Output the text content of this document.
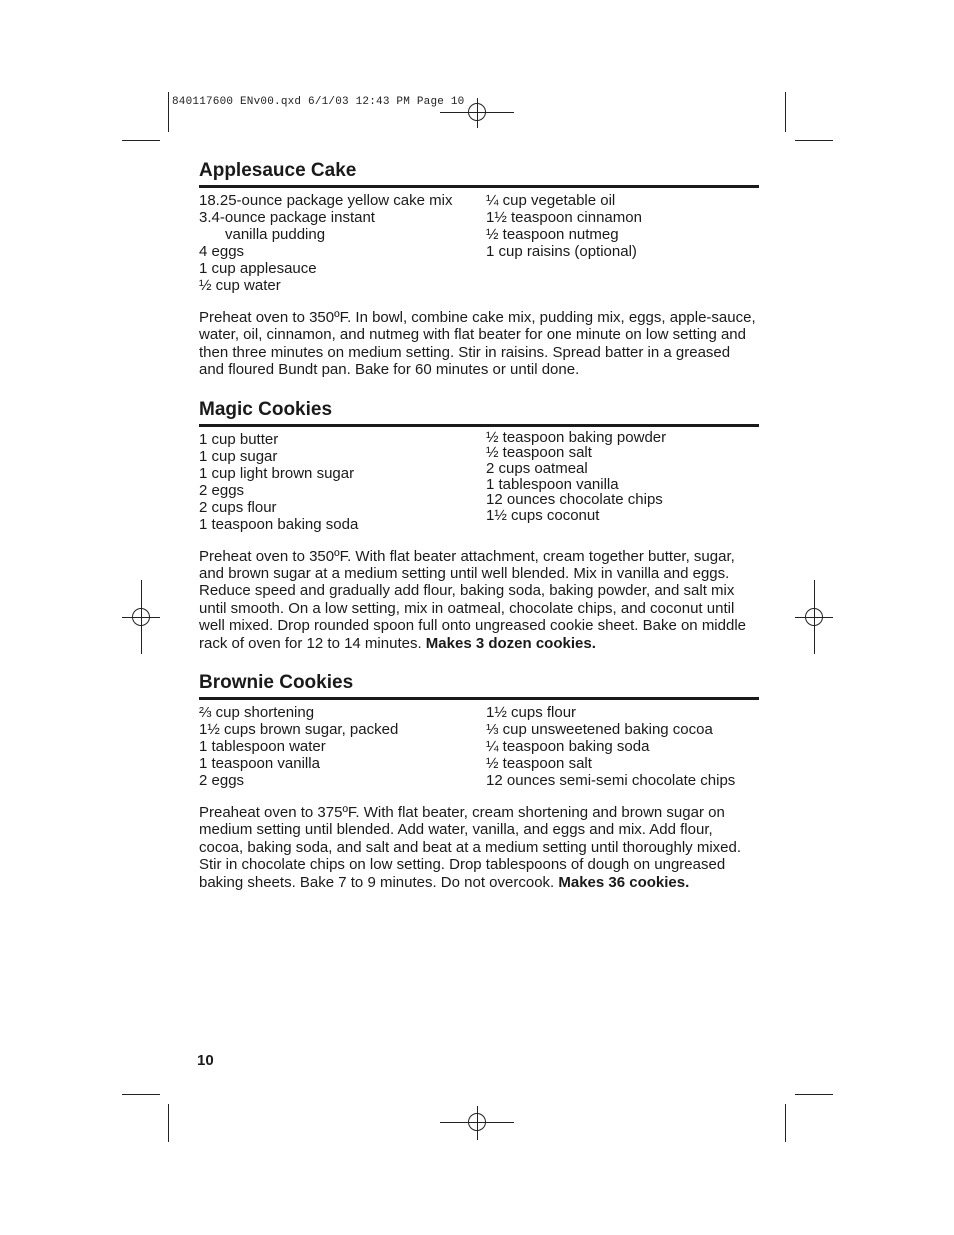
840117600 ENv00.qxd 6/1/03 12:43 PM Page 10
Applesauce Cake
18.25-ounce package yellow cake mix
3.4-ounce package instant
vanilla pudding
4 eggs
1 cup applesauce
½ cup water
¼ cup vegetable oil
1½ teaspoon cinnamon
½ teaspoon nutmeg
1 cup raisins (optional)

Preheat oven to 350ºF. In bowl, combine cake mix, pudding mix, eggs, apple-sauce, water, oil, cinnamon, and nutmeg with flat beater for one minute on low setting and then three minutes on medium setting. Stir in raisins. Spread batter in a greased and floured Bundt pan. Bake for 60 minutes or until done.

Magic Cookies
1 cup butter
1 cup sugar
1 cup light brown sugar
2 eggs
2 cups flour
1 teaspoon baking soda
½ teaspoon baking powder
½ teaspoon salt
2 cups oatmeal
1 tablespoon vanilla
12 ounces chocolate chips
1½ cups coconut

Preheat oven to 350ºF. With flat beater attachment, cream together butter, sugar, and brown sugar at a medium setting until well blended. Mix in vanilla and eggs. Reduce speed and gradually add flour, baking soda, baking powder, and salt mix until smooth. On a low setting, mix in oatmeal, chocolate chips, and coconut until well mixed. Drop rounded spoon full onto ungreased cookie sheet. Bake on middle rack of oven for 12 to 14 minutes. Makes 3 dozen cookies.

Brownie Cookies
⅔ cup shortening
1½ cups brown sugar, packed
1 tablespoon water
1 teaspoon vanilla
2 eggs
1½ cups flour
⅓ cup unsweetened baking cocoa
¼ teaspoon baking soda
½ teaspoon salt
12 ounces semi-semi chocolate chips

Preaheat oven to 375ºF. With flat beater, cream shortening and brown sugar on medium setting until blended. Add water, vanilla, and eggs and mix. Add flour, cocoa, baking soda, and salt and beat at a medium setting until thoroughly mixed. Stir in chocolate chips on low setting. Drop tablespoons of dough on ungreased baking sheets. Bake 7 to 9 minutes. Do not overcook. Makes 36 cookies.

10
